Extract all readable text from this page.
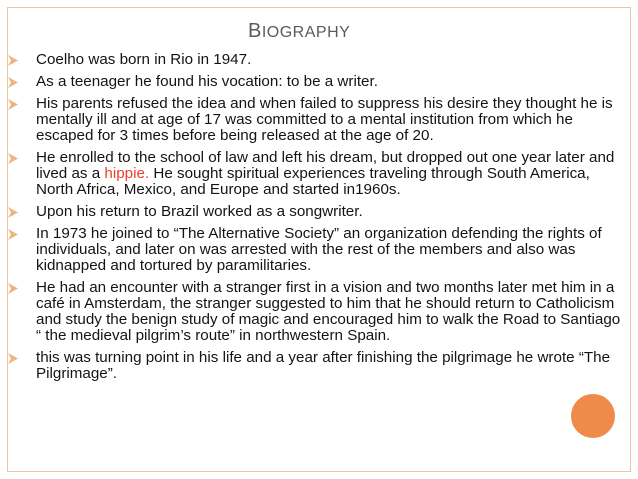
BIOGRAPHY
Coelho was born in Rio in 1947.
As a teenager he found his vocation: to be a writer.
His parents refused the idea and when failed to suppress his desire they thought he is mentally ill and at age of 17 was committed to a mental institution from which he escaped for 3 times before being released at the age of 20.
He enrolled to the school of law and left his dream, but dropped out one year later and lived as a hippie. He sought spiritual experiences traveling through South America, North Africa, Mexico, and Europe and started in1960s.
Upon his return to Brazil worked as a songwriter.
In 1973 he joined to “The Alternative Society” an organization defending the rights of individuals, and later on was arrested with the rest of the members and also was kidnapped and tortured by paramilitaries.
He had an encounter with a stranger first in a vision and two months later met him in a café in Amsterdam, the stranger suggested to him that he should return to Catholicism and study the benign study of magic and encouraged him to walk the Road to Santiago “ the medieval pilgrim’s route” in northwestern Spain.
this was turning point in his life and a year after finishing the pilgrimage he wrote “The Pilgrimage”.
